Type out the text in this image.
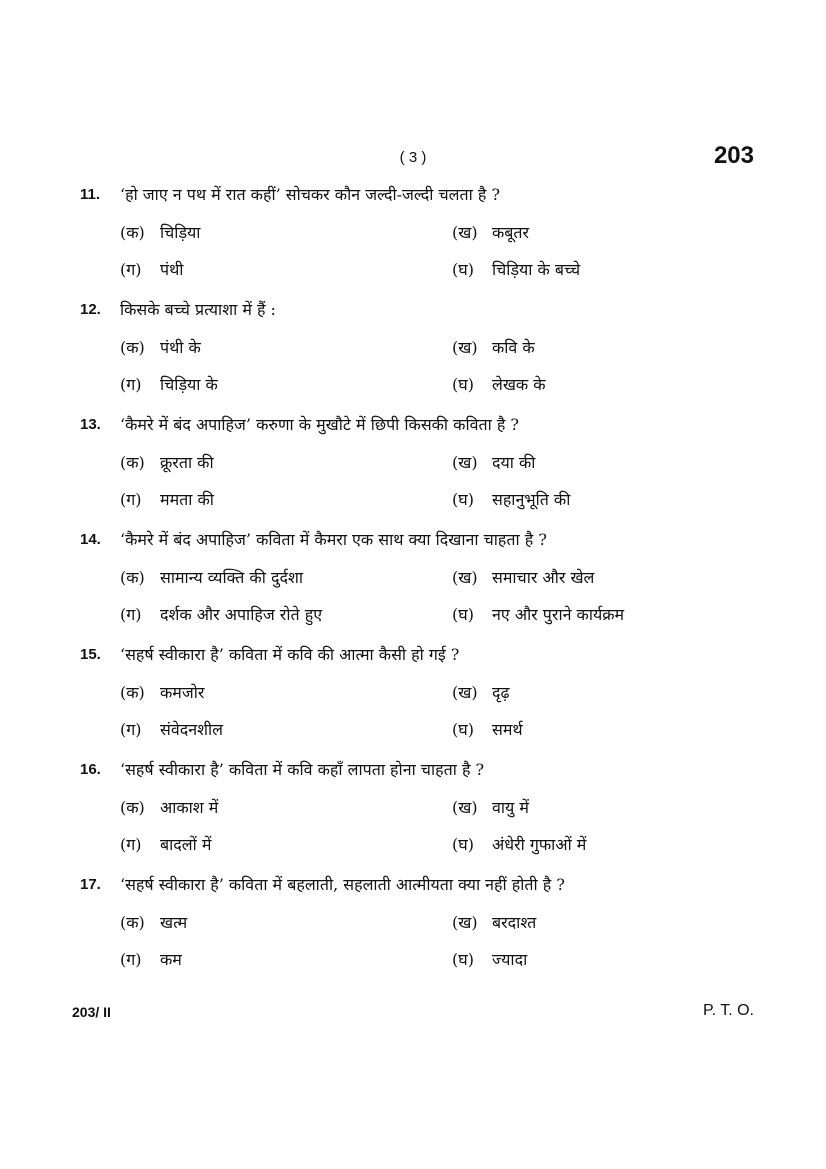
( 3 )	203
11. ‘हो जाए न पथ में रात कहीं’ सोचकर कौन जल्दी-जल्दी चलता है ?
(क) चिड़िया	(ख) कबूतर
(ग) पंथी	(घ) चिड़िया के बच्चे
12. किसके बच्चे प्रत्याशा में हैं :
(क) पंथी के	(ख) कवि के
(ग) चिड़िया के	(घ) लेखक के
13. ‘कैमरे में बंद अपाहिज’ करुणा के मुखौटे में छिपी किसकी कविता है ?
(क) क्रूरता की	(ख) दया की
(ग) ममता की	(घ) सहानुभूति की
14. ‘कैमरे में बंद अपाहिज’ कविता में कैमरा एक साथ क्या दिखाना चाहता है ?
(क) सामान्य व्यक्ति की दुर्दशा	(ख) समाचार और खेल
(ग) दर्शक और अपाहिज रोते हुए	(घ) नए और पुराने कार्यक्रम
15. ‘सहर्ष स्वीकारा है’ कविता में कवि की आत्मा कैसी हो गई ?
(क) कमजोर	(ख) दृढ़
(ग) संवेदनशील	(घ) समर्थ
16. ‘सहर्ष स्वीकारा है’ कविता में कवि कहाँ लापता होना चाहता है ?
(क) आकाश में	(ख) वायु में
(ग) बादलों में	(घ) अंधेरी गुफाओं में
17. ‘सहर्ष स्वीकारा है’ कविता में बहलाती, सहलाती आत्मीयता क्या नहीं होती है ?
(क) खत्म	(ख) बरदाश्त
(ग) कम	(घ) ज्यादा
203/ II	P. T. O.
